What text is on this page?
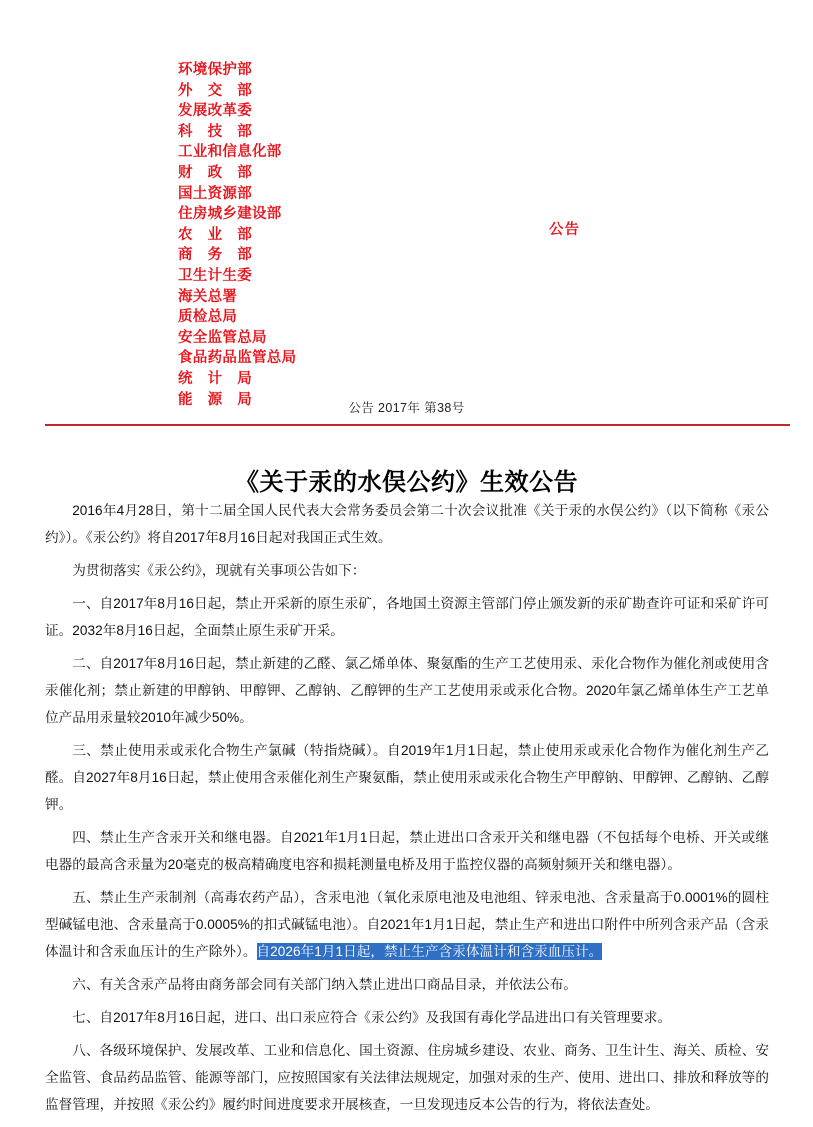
环境保护部
外　交　部
发展改革委
科　技　部
工业和信息化部
财　政　部
国土资源部
住房城乡建设部
农　业　部
商　务　部
卫生计生委
海关总署
质检总局
安全监管总局
食品药品监管总局
统　计　局
能　源　局
公告
公告 2017年 第38号
《关于汞的水俣公约》生效公告

2016年4月28日，第十二届全国人民代表大会常务委员会第二十次会议批准《关于汞的水俣公约》（以下简称《汞公约》）。《汞公约》将自2017年8月16日起对我国正式生效。

为贯彻落实《汞公约》，现就有关事项公告如下：

一、自2017年8月16日起，禁止开采新的原生汞矿，各地国土资源主管部门停止颁发新的汞矿勘查许可证和采矿许可证。2032年8月16日起，全面禁止原生汞矿开采。

二、自2017年8月16日起，禁止新建的乙醛、氯乙烯单体、聚氨酯的生产工艺使用汞、汞化合物作为催化剂或使用含汞催化剂；禁止新建的甲醇钠、甲醇钾、乙醇钠、乙醇钾的生产工艺使用汞或汞化合物。2020年氯乙烯单体生产工艺单位产品用汞量较2010年减少50%。

三、禁止使用汞或汞化合物生产氯碱（特指烧碱）。自2019年1月1日起，禁止使用汞或汞化合物作为催化剂生产乙醛。自2027年8月16日起，禁止使用含汞催化剂生产聚氨酯，禁止使用汞或汞化合物生产甲醇钠、甲醇钾、乙醇钠、乙醇钾。

四、禁止生产含汞开关和继电器。自2021年1月1日起，禁止进出口含汞开关和继电器（不包括每个电桥、开关或继电器的最高含汞量为20毫克的极高精确度电容和损耗测量电桥及用于监控仪器的高频射频开关和继电器）。

五、禁止生产汞制剂（高毒农药产品），含汞电池（氧化汞原电池及电池组、锌汞电池、含汞量高于0.0001%的圆柱型碱锰电池、含汞量高于0.0005%的扣式碱锰电池）。自2021年1月1日起，禁止生产和进出口附件中所列含汞产品（含汞体温计和含汞血压计的生产除外）。自2026年1月1日起，禁止生产含汞体温计和含汞血压计。

六、有关含汞产品将由商务部会同有关部门纳入禁止进出口商品目录，并依法公布。

七、自2017年8月16日起，进口、出口汞应符合《汞公约》及我国有毒化学品进出口有关管理要求。

八、各级环境保护、发展改革、工业和信息化、国土资源、住房城乡建设、农业、商务、卫生计生、海关、质检、安全监管、食品药品监管、能源等部门，应按照国家有关法律法规规定，加强对汞的生产、使用、进出口、排放和释放等的监督管理，并按照《汞公约》履约时间进度要求开展核查，一旦发现违反本公告的行为，将依法查处。
